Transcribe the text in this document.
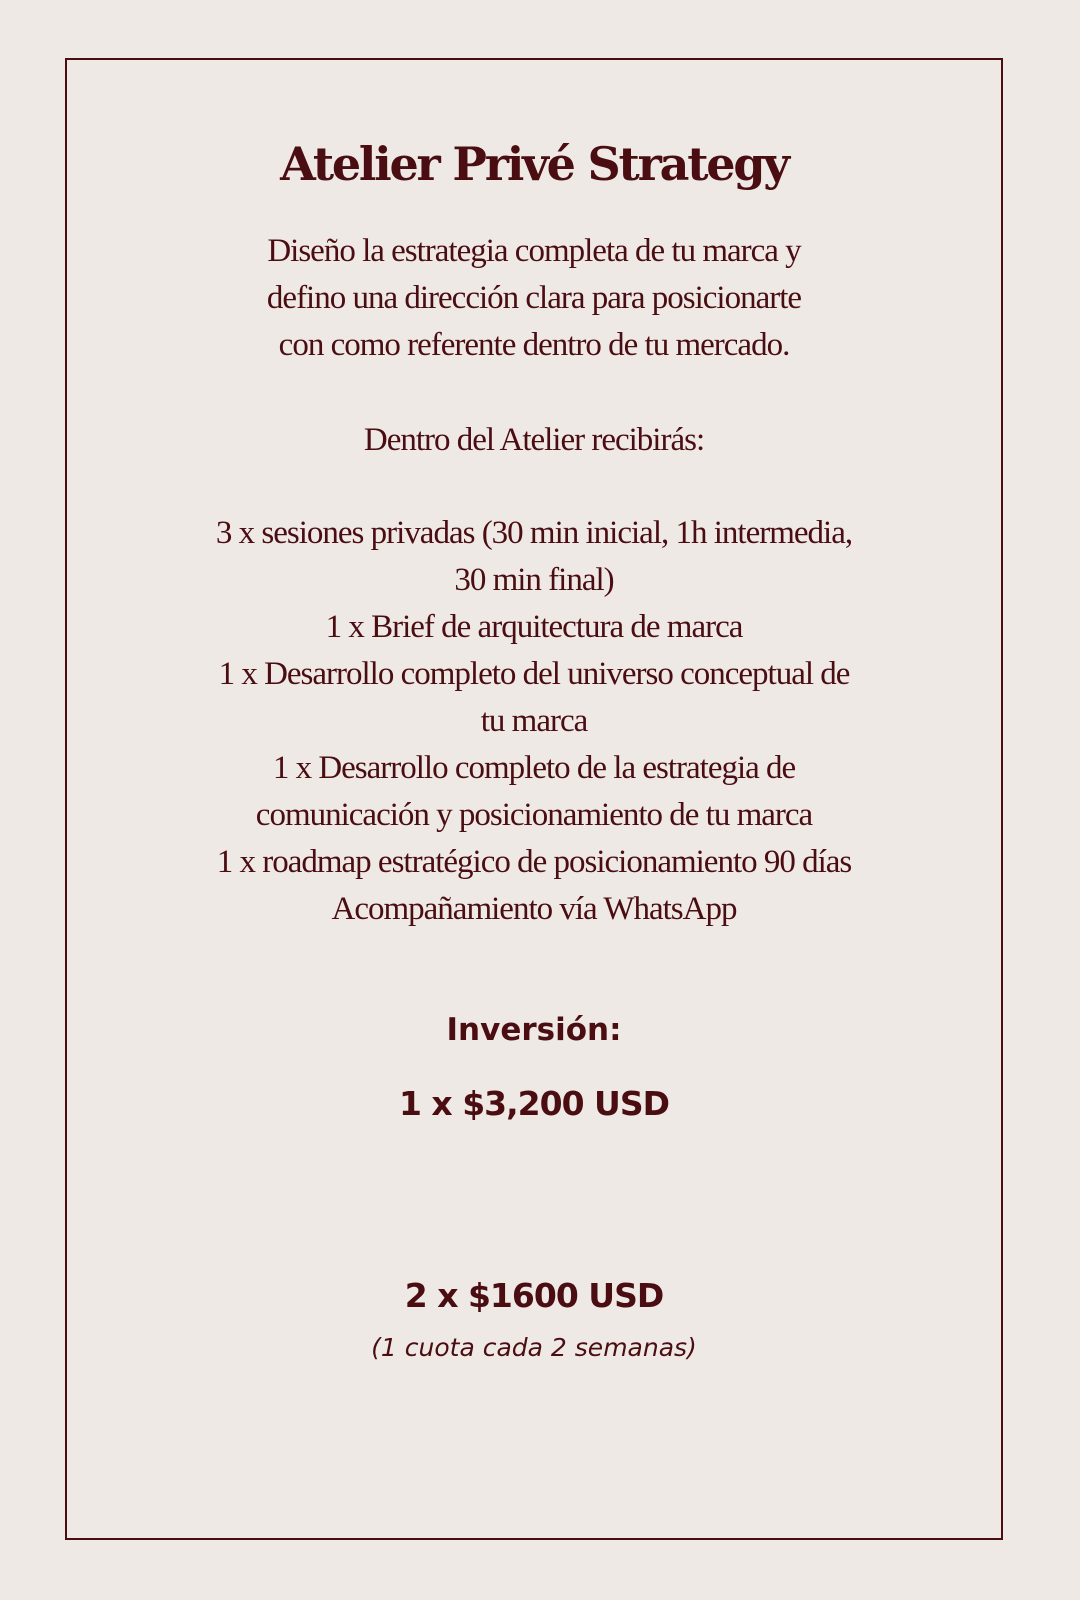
Atelier Privé Strategy
Diseño la estrategia completa de tu marca y
defino una dirección clara para posicionarte
con como referente dentro de tu mercado.
Dentro del Atelier recibirás:
3 x sesiones privadas (30 min inicial, 1h intermedia,
30 min final)
1 x Brief de arquitectura de marca
1 x Desarrollo completo del universo conceptual de
tu marca
1 x Desarrollo completo de la estrategia de
comunicación y posicionamiento de tu marca
1 x roadmap estratégico de posicionamiento 90 días
Acompañamiento vía WhatsApp
Inversión:
1 x $3,200 USD
2 x $1600 USD
(1 cuota cada 2 semanas)
